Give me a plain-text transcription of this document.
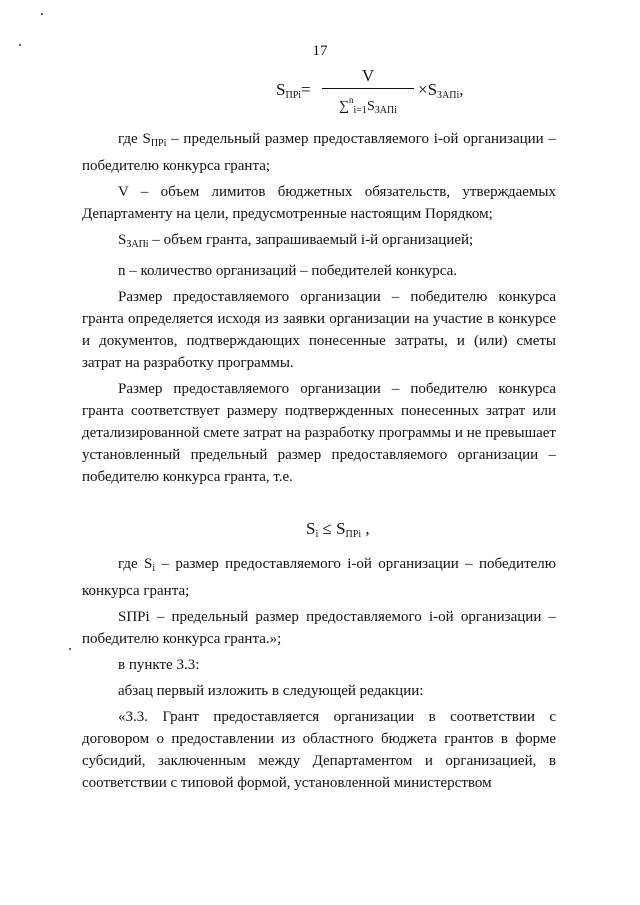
17
$S_{ПРi}=$
V
$\sum^n_{i=1}S_{ЗАПi}$
$\times S_{ЗАПi}$,

где $S_{ПРi}$ – предельный размер предоставляемого i-ой организации – победителю конкурса гранта;

V – объем лимитов бюджетных обязательств, утверждаемых Департаменту на цели, предусмотренные настоящим Порядком;

$S_{ЗАПi}$ – объем гранта, запрашиваемый i-й организацией;

n – количество организаций – победителей конкурса.

Размер предоставляемого организации – победителю конкурса гранта определяется исходя из заявки организации на участие в конкурсе и документов, подтверждающих понесенные затраты, и (или) сметы затрат на разработку программы.

Размер предоставляемого организации – победителю конкурса гранта соответствует размеру подтвержденных понесенных затрат или детализированной смете затрат на разработку программы и не превышает установленный предельный размер предоставляемого организации – победителю конкурса гранта, т.е.

$S_i \le S_{ПРi}$ ,

где $S_i$ – размер предоставляемого i-ой организации – победителю конкурса гранта;

SПРi – предельный размер предоставляемого i-ой организации – победителю конкурса гранта.»;

в пункте 3.3:

абзац первый изложить в следующей редакции:

«3.3. Грант предоставляется организации в соответствии с договором о предоставлении из областного бюджета грантов в форме субсидий, заключенным между Департаментом и организацией, в соответствии с типовой формой, установленной министерством
